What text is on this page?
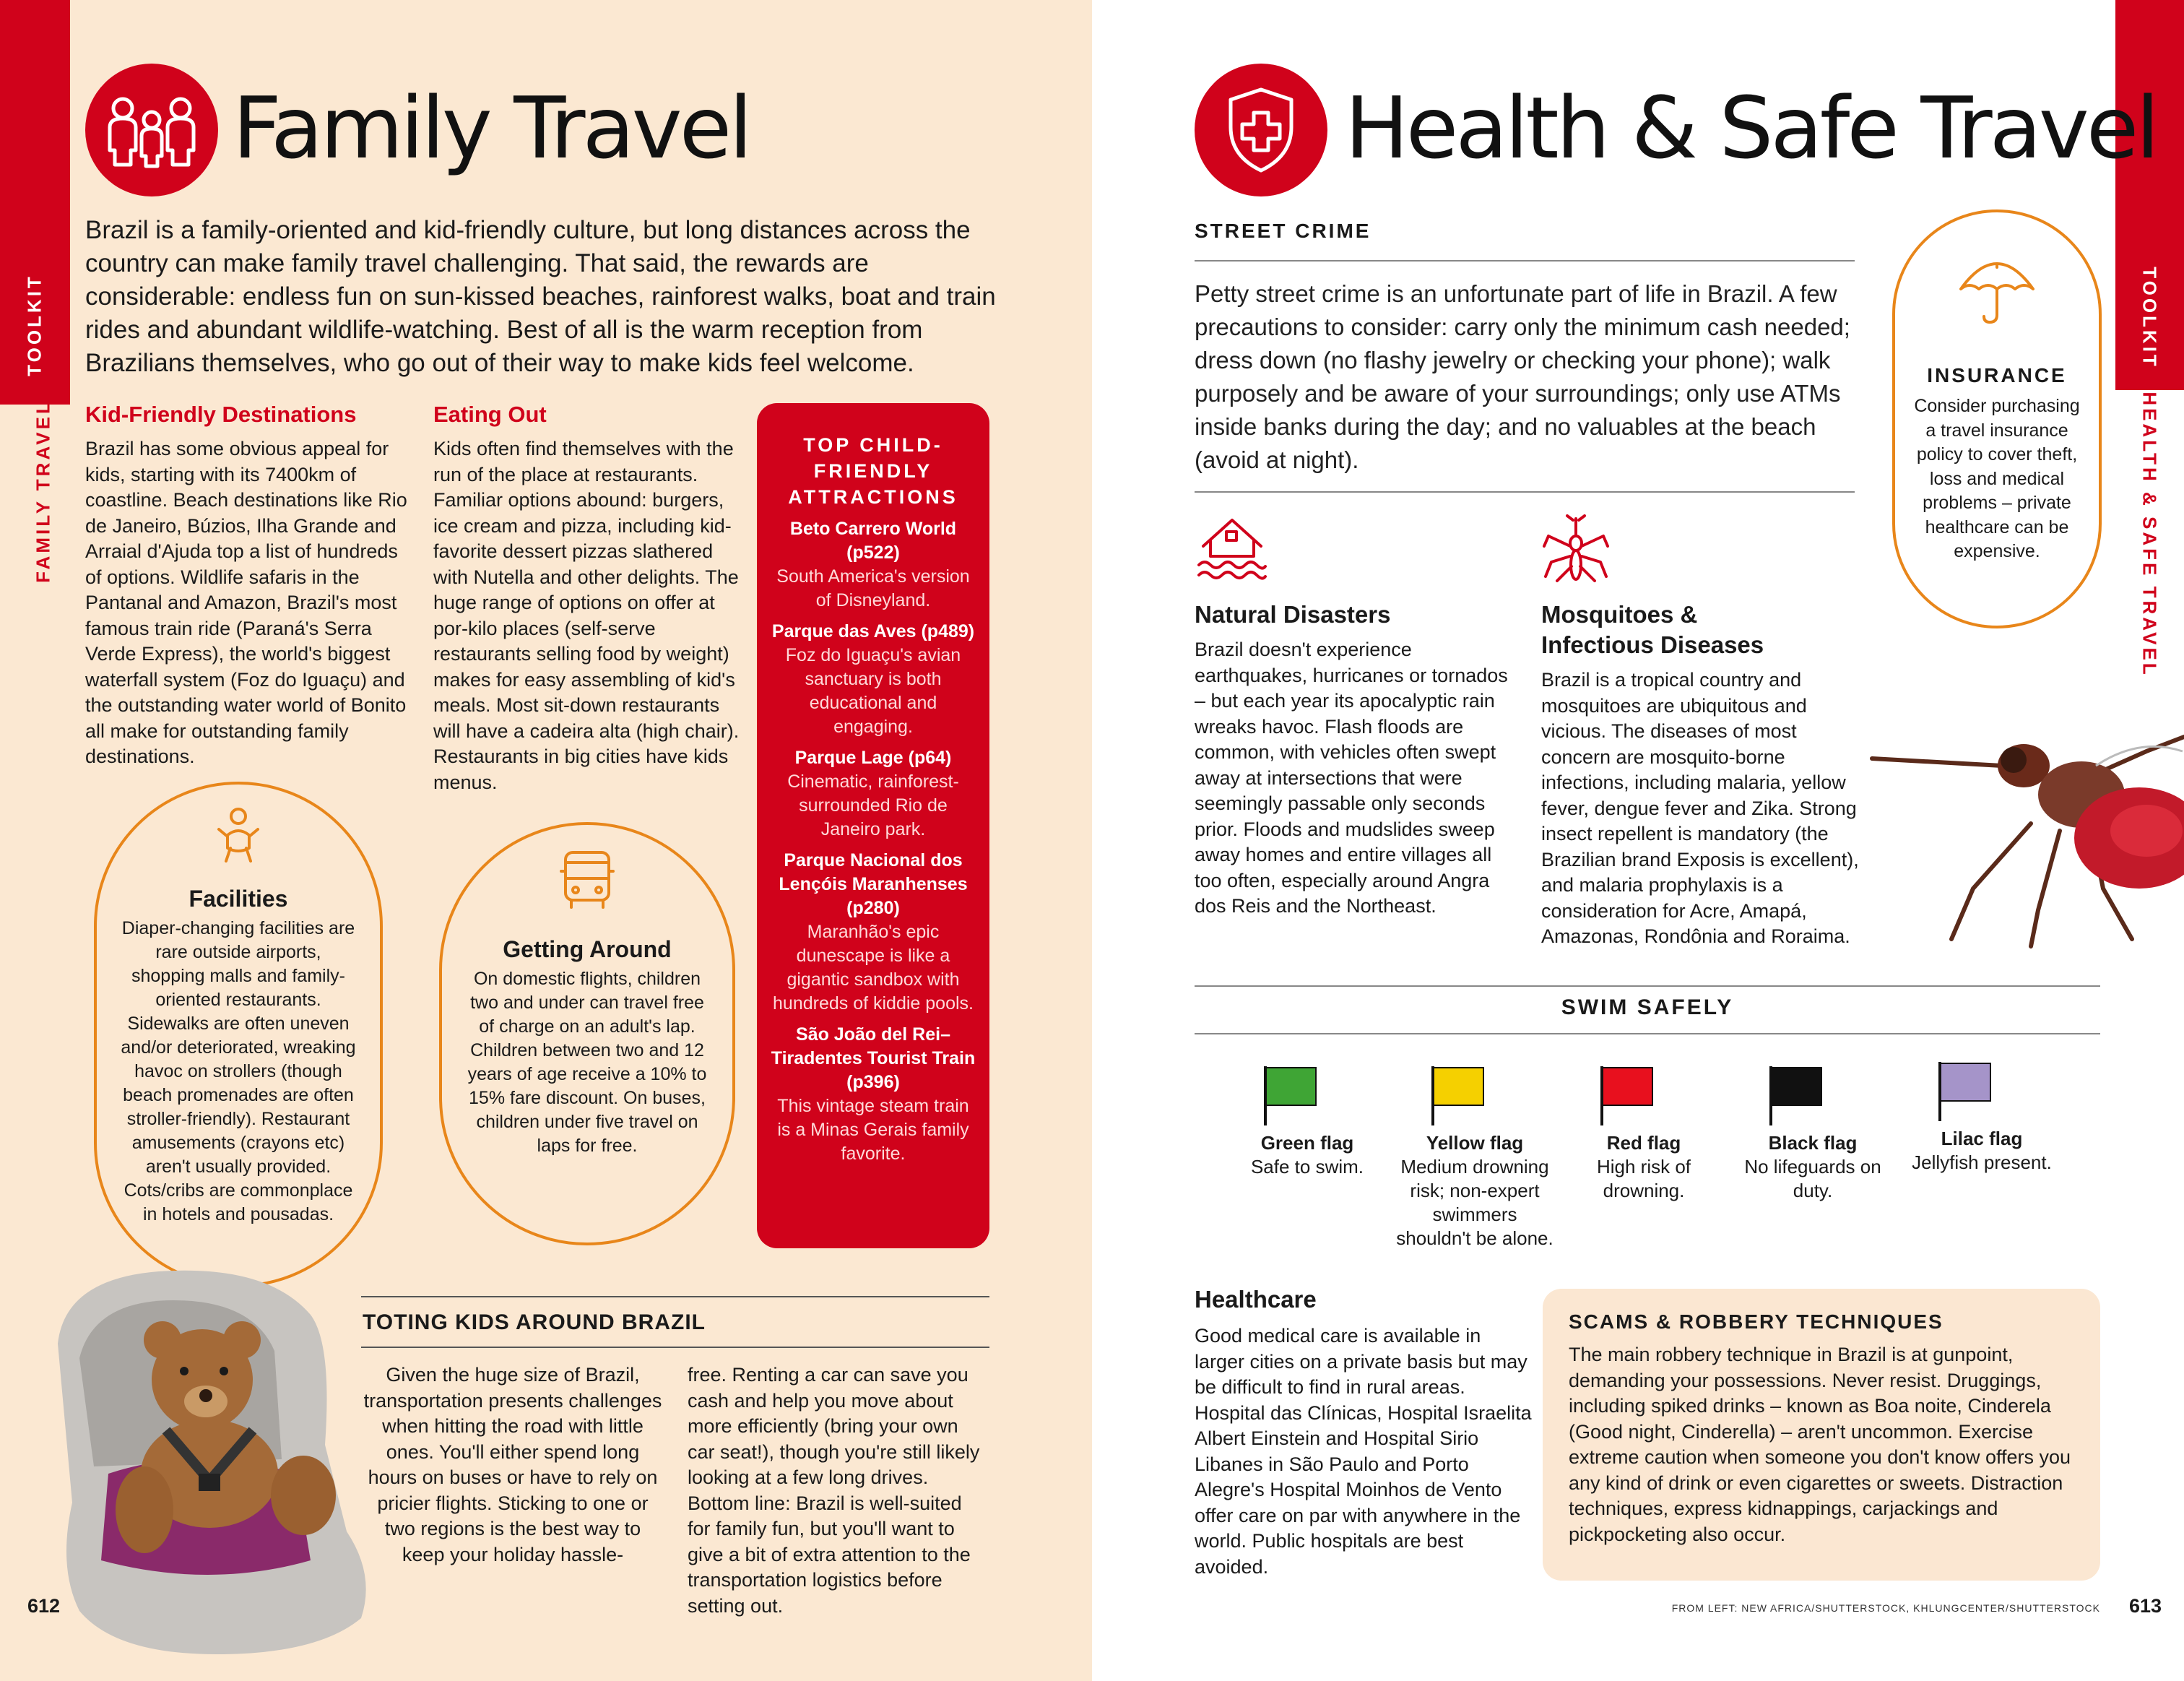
TOOLKIT
FAMILY TRAVEL
Family Travel
Brazil is a family-oriented and kid-friendly culture, but long distances across the country can make family travel challenging. That said, the rewards are considerable: endless fun on sun-kissed beaches, rainforest walks, boat and train rides and abundant wildlife-watching. Best of all is the warm reception from Brazilians themselves, who go out of their way to make kids feel welcome.
Kid-Friendly Destinations
Brazil has some obvious appeal for kids, starting with its 7400km of coastline. Beach destinations like Rio de Janeiro, Búzios, Ilha Grande and Arraial d'Ajuda top a list of hundreds of options. Wildlife safaris in the Pantanal and Amazon, Brazil's most famous train ride (Paraná's Serra Verde Express), the world's biggest waterfall system (Foz do Iguaçu) and the outstanding water world of Bonito all make for outstanding family destinations.
Eating Out
Kids often find themselves with the run of the place at restaurants. Familiar options abound: burgers, ice cream and pizza, including kid-favorite dessert pizzas slathered with Nutella and other delights. The huge range of options on offer at por-kilo places (self-serve restaurants selling food by weight) makes for easy assembling of kid's meals. Most sit-down restaurants will have a cadeira alta (high chair). Restaurants in big cities have kids menus.
TOP CHILD-FRIENDLY ATTRACTIONS
Beto Carrero World (p522)
South America's version of Disneyland.
Parque das Aves (p489)
Foz do Iguaçu's avian sanctuary is both educational and engaging.
Parque Lage (p64)
Cinematic, rainforest-surrounded Rio de Janeiro park.
Parque Nacional dos Lençóis Maranhenses (p280)
Maranhão's epic dunescape is like a gigantic sandbox with hundreds of kiddie pools.
São João del Rei–Tiradentes Tourist Train (p396)
This vintage steam train is a Minas Gerais family favorite.
Facilities
Diaper-changing facilities are rare outside airports, shopping malls and family-oriented restaurants. Sidewalks are often uneven and/or deteriorated, wreaking havoc on strollers (though beach promenades are often stroller-friendly). Restaurant amusements (crayons etc) aren't usually provided. Cots/cribs are commonplace in hotels and pousadas.
Getting Around
On domestic flights, children two and under can travel free of charge on an adult's lap. Children between two and 12 years of age receive a 10% to 15% fare discount. On buses, children under five travel on laps for free.
TOTING KIDS AROUND BRAZIL
Given the huge size of Brazil, transportation presents challenges when hitting the road with little ones. You'll either spend long hours on buses or have to rely on pricier flights. Sticking to one or two regions is the best way to keep your holiday hassle-
free. Renting a car can save you cash and help you move about more efficiently (bring your own car seat!), though you're still likely looking at a few long drives. Bottom line: Brazil is well-suited for family fun, but you'll want to give a bit of extra attention to the transportation logistics before setting out.
612
TOOLKIT
HEALTH & SAFE TRAVEL
Health & Safe Travel
STREET CRIME
Petty street crime is an unfortunate part of life in Brazil. A few precautions to consider: carry only the minimum cash needed; dress down (no flashy jewelry or checking your phone); walk purposely and be aware of your surroundings; only use ATMs inside banks during the day; and no valuables at the beach (avoid at night).
INSURANCE
Consider purchasing a travel insurance policy to cover theft, loss and medical problems – private healthcare can be expensive.
Natural Disasters
Brazil doesn't experience earthquakes, hurricanes or tornados – but each year its apocalyptic rain wreaks havoc. Flash floods are common, with vehicles often swept away at intersections that were seemingly passable only seconds prior. Floods and mudslides sweep away homes and entire villages all too often, especially around Angra dos Reis and the Northeast.
Mosquitoes & Infectious Diseases
Brazil is a tropical country and mosquitoes are ubiquitous and vicious. The diseases of most concern are mosquito-borne infections, including malaria, yellow fever, dengue fever and Zika. Strong insect repellent is mandatory (the Brazilian brand Exposis is excellent), and malaria prophylaxis is a consideration for Acre, Amapá, Amazonas, Rondônia and Roraima.
SWIM SAFELY
Green flag
Safe to swim.
Yellow flag
Medium drowning risk; non-expert swimmers shouldn't be alone.
Red flag
High risk of drowning.
Black flag
No lifeguards on duty.
Lilac flag
Jellyfish present.
Healthcare
Good medical care is available in larger cities on a private basis but may be difficult to find in rural areas. Hospital das Clínicas, Hospital Israelita Albert Einstein and Hospital Sirio Libanes in São Paulo and Porto Alegre's Hospital Moinhos de Vento offer care on par with anywhere in the world. Public hospitals are best avoided.
SCAMS & ROBBERY TECHNIQUES
The main robbery technique in Brazil is at gunpoint, demanding your possessions. Never resist. Druggings, including spiked drinks – known as Boa noite, Cinderela (Good night, Cinderella) – aren't uncommon. Exercise extreme caution when someone you don't know offers you any kind of drink or even cigarettes or sweets. Distraction techniques, express kidnappings, carjackings and pickpocketing also occur.
FROM LEFT: NEW AFRICA/SHUTTERSTOCK, KHLUNGCENTER/SHUTTERSTOCK 613
